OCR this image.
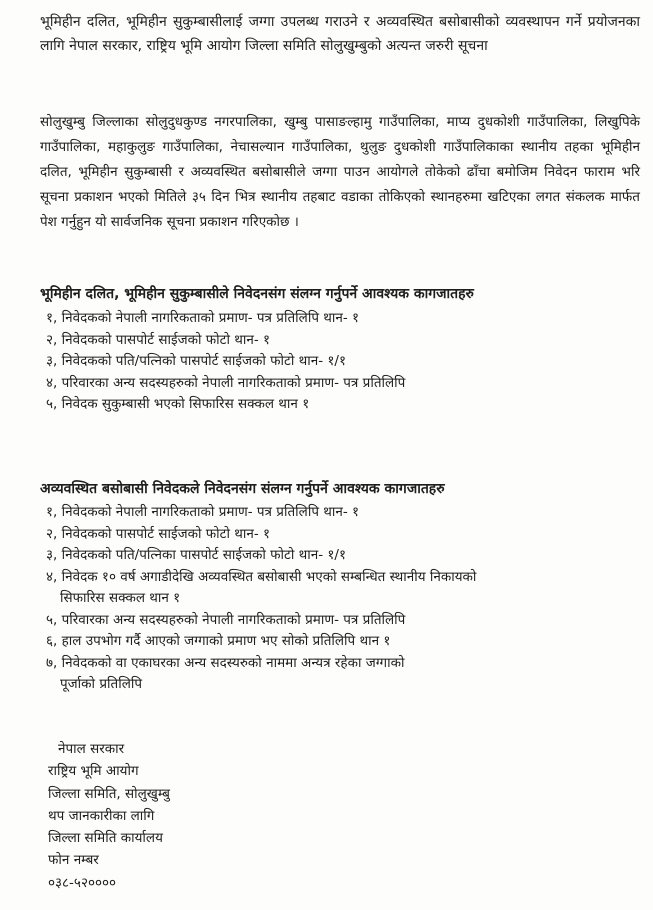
भूमिहीन दलित, भूमिहीन सुकुम्बासीलाई जग्गा उपलब्ध गराउने र अव्यवस्थित बसोबासीको व्यवस्थापन गर्ने प्रयोजनका लागि नेपाल सरकार, राष्ट्रिय भूमि आयोग जिल्ला समिति सोलुखुम्बुको अत्यन्त जरुरी सूचना
सोलुखुम्बु जिल्लाका सोलुदुधकुण्ड नगरपालिका, खुम्बु पासाङल्हामु गाउँपालिका, माप्य दुधकोशी गाउँपालिका, लिखुपिके गाउँपालिका, महाकुलुङ गाउँपालिका, नेचासल्यान गाउँपालिका, थुलुङ दुधकोशी गाउँपालिकाका स्थानीय तहका भूमिहीन दलित, भूमिहीन सुकुम्बासी र अव्यवस्थित बसोबासीले जग्गा पाउन आयोगले तोकेको ढाँचा बमोजिम निवेदन फाराम भरि सूचना प्रकाशन भएको मितिले ३५ दिन भित्र स्थानीय तहबाट वडाका तोकिएको स्थानहरुमा खटिएका लगत संकलक मार्फत पेश गर्नुहुन यो सार्वजनिक सूचना प्रकाशन गरिएकोछ ।
भूमिहीन दलित, भूमिहीन सुकुम्बासीले निवेदनसंग संलग्न गर्नुपर्ने आवश्यक कागजातहरु
१, निवेदकको नेपाली नागरिकताको प्रमाण- पत्र प्रतिलिपि थान- १
२, निवेदकको पासपोर्ट साईजको फोटो थान- १
३, निवेदकको पति/पत्निको पासपोर्ट साईजको फोटो थान- १/१
४, परिवारका अन्य सदस्यहरुको नेपाली नागरिकताको प्रमाण- पत्र प्रतिलिपि
५, निवेदक सुकुम्बासी भएको सिफारिस सक्कल थान १
अव्यवस्थित बसोबासी निवेदकले निवेदनसंग संलग्न गर्नुपर्ने आवश्यक कागजातहरु
१, निवेदकको नेपाली नागरिकताको प्रमाण- पत्र प्रतिलिपि थान- १
२, निवेदकको पासपोर्ट साईजको फोटो थान- १
३, निवेदकको पति/पत्निका पासपोर्ट साईजको फोटो थान- १/१
४, निवेदक १० वर्ष अगाडीदेखि अव्यवस्थित बसोबासी भएको सम्बन्धित स्थानीय निकायको
सिफारिस सक्कल थान १
५, परिवारका अन्य सदस्यहरुको नेपाली नागरिकताको प्रमाण- पत्र प्रतिलिपि
६, हाल उपभोग गर्दै आएको जग्गाको प्रमाण भए सोको प्रतिलिपि थान १
७, निवेदकको वा एकाघरका अन्य सदस्यरुको नाममा अन्यत्र रहेका जग्गाको
पूर्जाको प्रतिलिपि
नेपाल सरकार
राष्ट्रिय भूमि आयोग
जिल्ला समिति, सोलुखुम्बु
थप जानकारीका लागि
जिल्ला समिति कार्यालय
फोन नम्बर
०३८-५२००००
